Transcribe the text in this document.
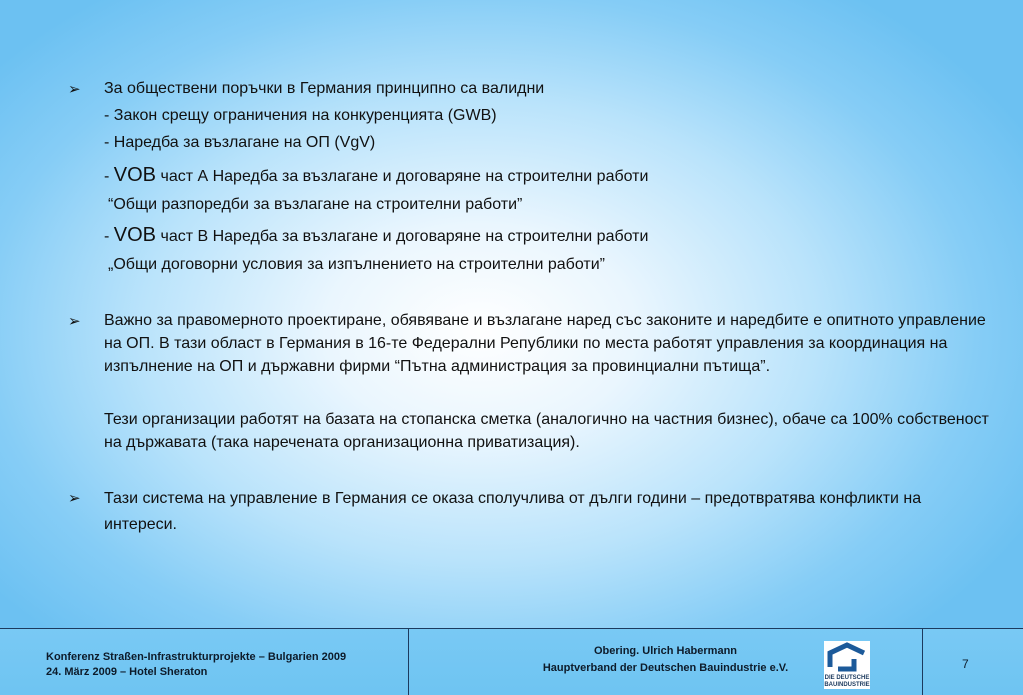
➢ За обществени поръчки в Германия принципно са валидни
- Закон срещу ограничения на конкуренцията (GWB)
- Наредба за възлагане на ОП (VgV)
- VOB част А Наредба за възлагане и договаряне на строителни работи
“Общи разпоредби за възлагане на строителни работи”
- VOB част В Наредба за възлагане и договаряне на строителни работи
„Общи договорни условия за изпълнението на строителни работи”
➢ Важно за правомерното проектиране, обявяване и възлагане наред със законите и наредбите е опитното управление на ОП. В тази област в Германия в 16-те Федерални Републики по места работят управления за координация на изпълнение на ОП и държавни фирми “Пътна администрация за провинциални пътища”.
Тези организации работят на базата на стопанска сметка (аналогично на частния бизнес), обаче са 100% собственост на държавата (така наречената организационна приватизация).
➢ Тази система на управление в Германия се оказа сполучлива от дълги години – предотвратява конфликти на интереси.
Konferenz Straßen-Infrastrukturprojekte – Bulgarien 2009
24. März 2009 – Hotel Sheraton
Obering. Ulrich Habermann
Hauptverband der Deutschen Bauindustrie e.V.
DIE DEUTSCHE
BAUINDUSTRIE
7
